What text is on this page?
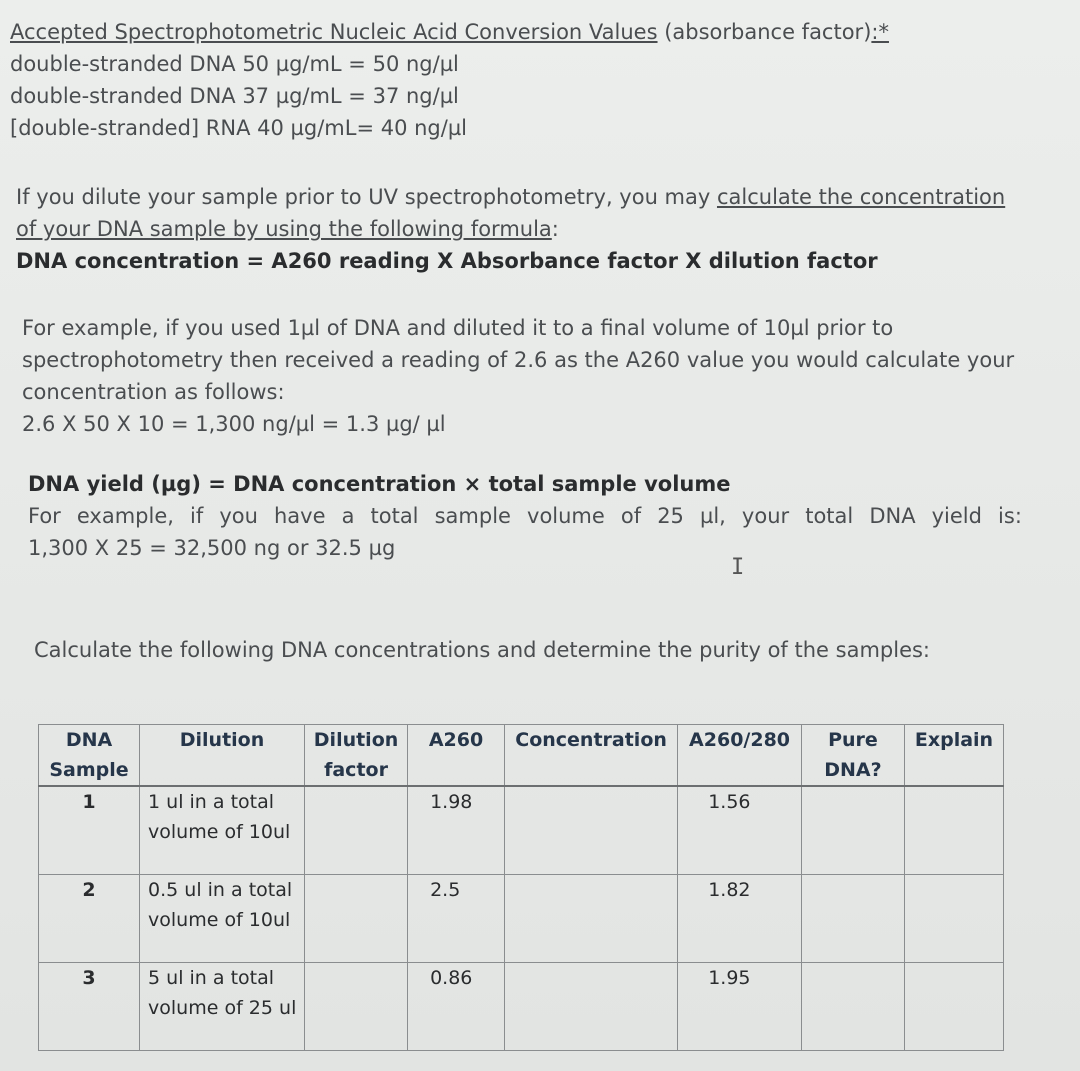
Accepted Spectrophotometric Nucleic Acid Conversion Values (absorbance factor):*
double-stranded DNA 50 µg/mL = 50 ng/µl
double-stranded DNA 37 µg/mL = 37 ng/µl
[double-stranded] RNA 40 µg/mL= 40 ng/µl
If you dilute your sample prior to UV spectrophotometry, you may calculate the concentration
of your DNA sample by using the following formula:
DNA concentration = A260 reading X Absorbance factor X dilution factor
For example, if you used 1µl of DNA and diluted it to a final volume of 10µl prior to
spectrophotometry then received a reading of 2.6 as the A260 value you would calculate your
concentration as follows:
2.6 X 50 X 10 = 1,300 ng/µl = 1.3 µg/ µl
DNA yield (µg) = DNA concentration × total sample volume
For example, if you have a total sample volume of 25 µl, your total DNA yield is:
1,300 X 25 = 32,500 ng or 32.5 µg
I
Calculate the following DNA concentrations and determine the purity of the samples:
DNA Sample	Dilution	Dilution factor	A260	Concentration	A260/280	Pure DNA?	Explain
1	1 ul in a total volume of 10ul		1.98		1.56		
2	0.5 ul in a total volume of 10ul		2.5		1.82		
3	5 ul in a total volume of 25 ul		0.86		1.95		
